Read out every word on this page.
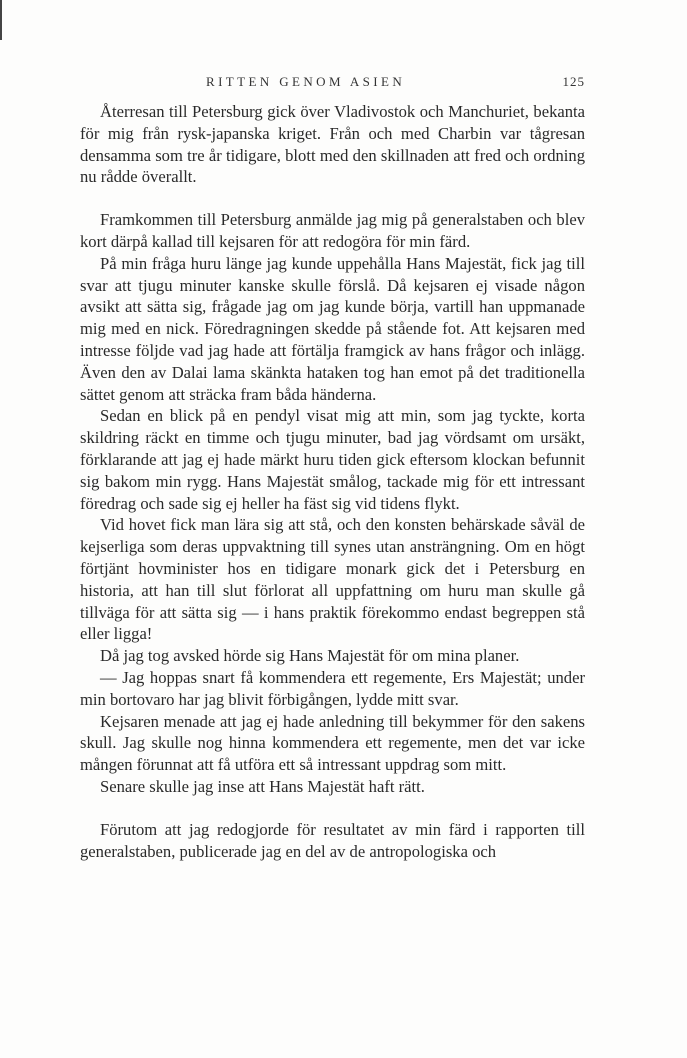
RITTEN GENOM ASIEN	125

Återresan till Petersburg gick över Vladivostok och Manchuriet, bekanta för mig från rysk-japanska kriget. Från och med Charbin var tågresan densamma som tre år tidigare, blott med den skillnaden att fred och ordning nu rådde överallt.

Framkommen till Petersburg anmälde jag mig på generalstaben och blev kort därpå kallad till kejsaren för att redogöra för min färd.

På min fråga huru länge jag kunde uppehålla Hans Majestät, fick jag till svar att tjugu minuter kanske skulle förslå. Då kejsaren ej visade någon avsikt att sätta sig, frågade jag om jag kunde börja, vartill han uppmanade mig med en nick. Föredragningen skedde på stående fot. Att kejsaren med intresse följde vad jag hade att förtälja framgick av hans frågor och inlägg. Även den av Dalai lama skänkta hataken tog han emot på det traditionella sättet genom att sträcka fram båda händerna.

Sedan en blick på en pendyl visat mig att min, som jag tyckte, korta skildring räckt en timme och tjugu minuter, bad jag vördsamt om ursäkt, förklarande att jag ej hade märkt huru tiden gick eftersom klockan befunnit sig bakom min rygg. Hans Majestät smålog, tackade mig för ett intressant föredrag och sade sig ej heller ha fäst sig vid tidens flykt.

Vid hovet fick man lära sig att stå, och den konsten behärskade såväl de kejserliga som deras uppvaktning till synes utan ansträngning. Om en högt förtjänt hovminister hos en tidigare monark gick det i Petersburg en historia, att han till slut förlorat all uppfattning om huru man skulle gå tillväga för att sätta sig — i hans praktik förekommo endast begreppen stå eller ligga!

Då jag tog avsked hörde sig Hans Majestät för om mina planer.

— Jag hoppas snart få kommendera ett regemente, Ers Majestät; under min bortovaro har jag blivit förbigången, lydde mitt svar.

Kejsaren menade att jag ej hade anledning till bekymmer för den sakens skull. Jag skulle nog hinna kommendera ett regemente, men det var icke mången förunnat att få utföra ett så intressant uppdrag som mitt.

Senare skulle jag inse att Hans Majestät haft rätt.

Förutom att jag redogjorde för resultatet av min färd i rapporten till generalstaben, publicerade jag en del av de antropologiska och
